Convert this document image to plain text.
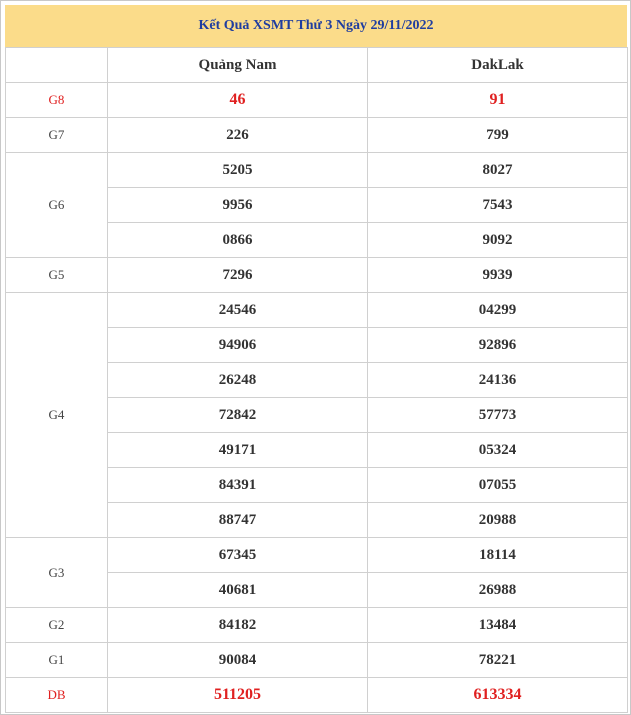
Kết Quả XSMT Thứ 3 Ngày 29/11/2022
	Quảng Nam	DakLak
G8	46	91
G7	226	799
G6	5205	8027
	9956	7543
	0866	9092
G5	7296	9939
G4	24546	04299
	94906	92896
	26248	24136
	72842	57773
	49171	05324
	84391	07055
	88747	20988
G3	67345	18114
	40681	26988
G2	84182	13484
G1	90084	78221
DB	511205	613334
